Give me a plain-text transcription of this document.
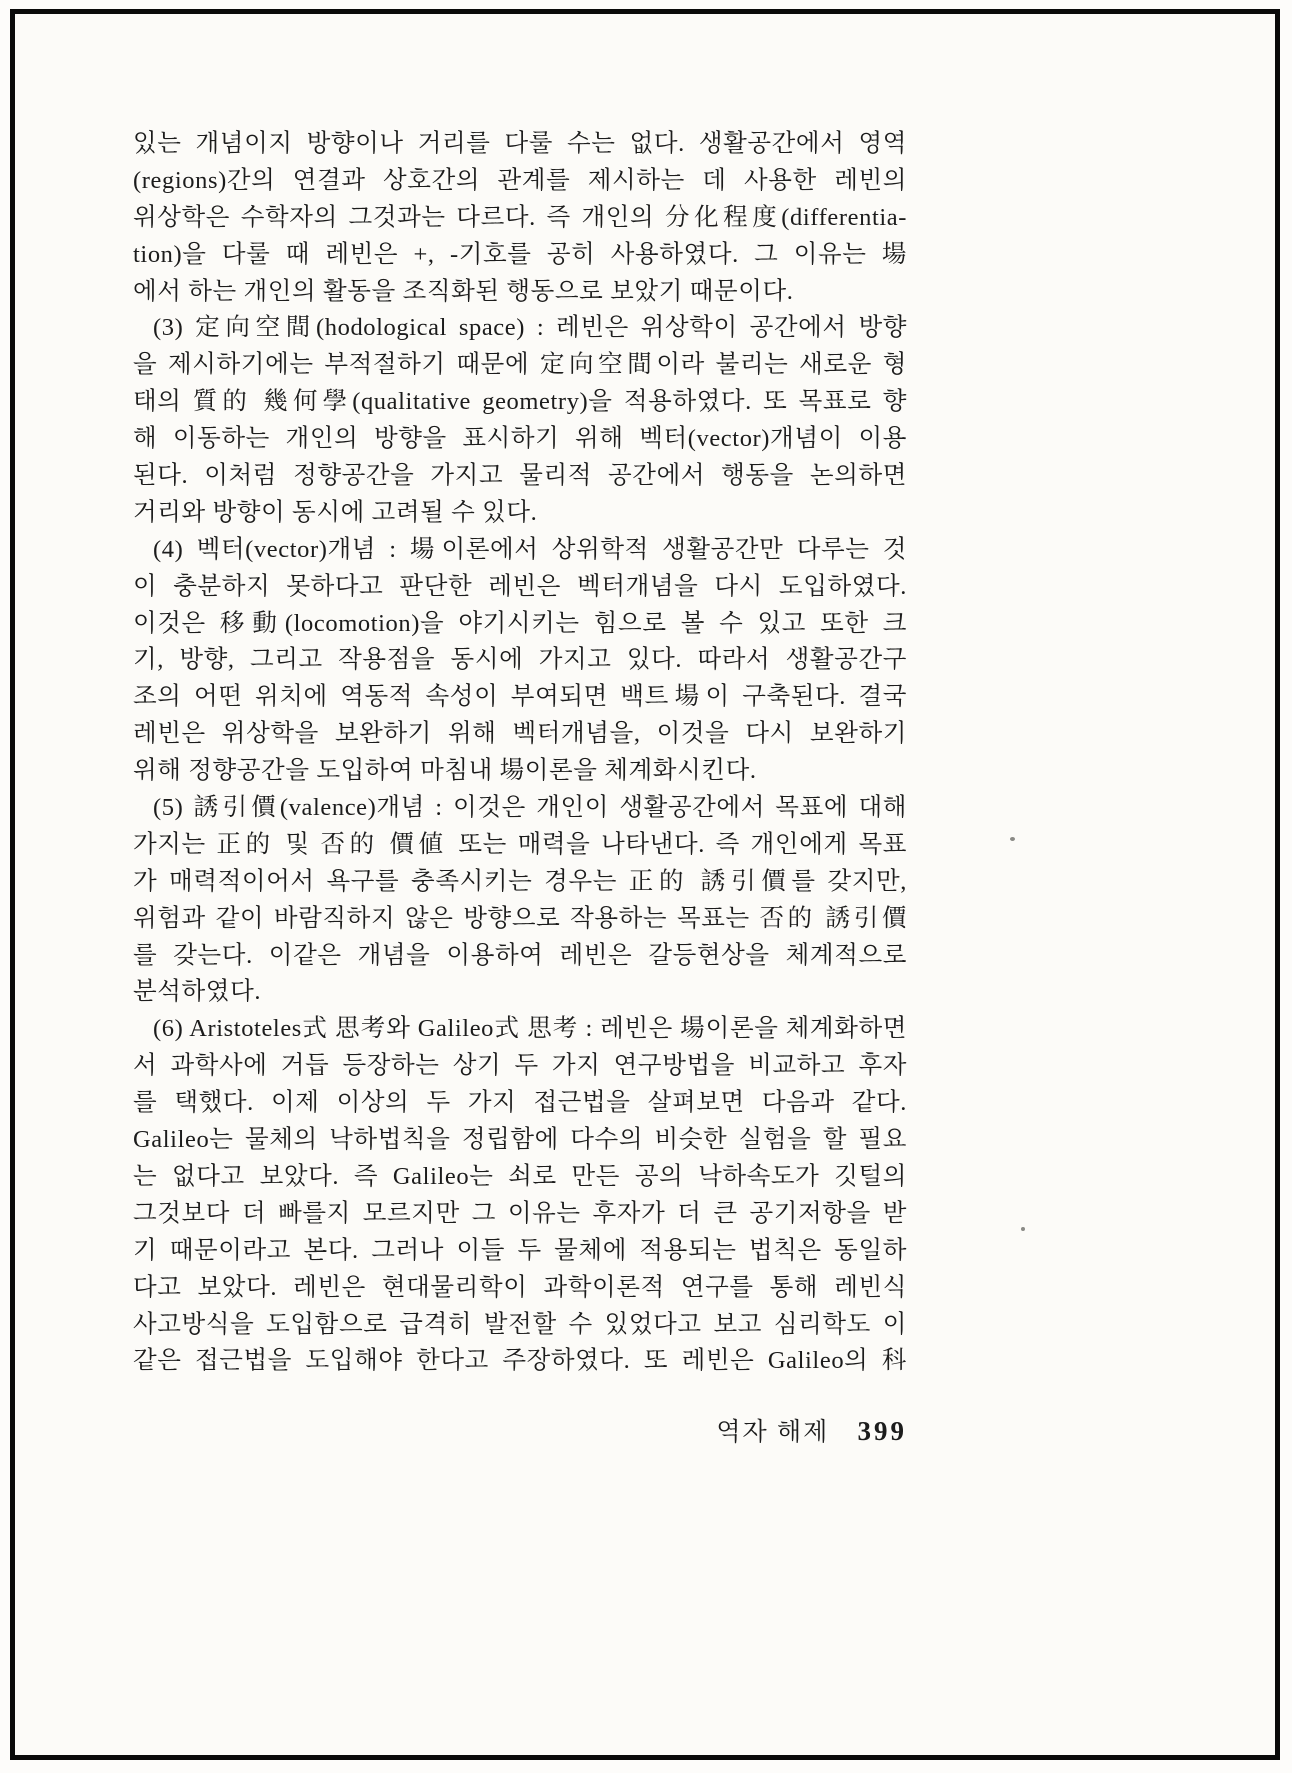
있는 개념이지 방향이나 거리를 다룰 수는 없다. 생활공간에서 영역
(regions)간의 연결과 상호간의 관계를 제시하는 데 사용한 레빈의
위상학은 수학자의 그것과는 다르다. 즉 개인의 分化程度(differentia-
tion)을 다룰 때 레빈은 +, -기호를 공히 사용하였다. 그 이유는 場
에서 하는 개인의 활동을 조직화된 행동으로 보았기 때문이다.
(3) 定向空間(hodological space) : 레빈은 위상학이 공간에서 방향
을 제시하기에는 부적절하기 때문에 定向空間이라 불리는 새로운 형
태의 質的 幾何學(qualitative geometry)을 적용하였다. 또 목표로 향
해 이동하는 개인의 방향을 표시하기 위해 벡터(vector)개념이 이용
된다. 이처럼 정향공간을 가지고 물리적 공간에서 행동을 논의하면
거리와 방향이 동시에 고려될 수 있다.
(4) 벡터(vector)개념 : 場이론에서 상위학적 생활공간만 다루는 것
이 충분하지 못하다고 판단한 레빈은 벡터개념을 다시 도입하였다.
이것은 移動(locomotion)을 야기시키는 힘으로 볼 수 있고 또한 크
기, 방향, 그리고 작용점을 동시에 가지고 있다. 따라서 생활공간구
조의 어떤 위치에 역동적 속성이 부여되면 백트場이 구축된다. 결국
레빈은 위상학을 보완하기 위해 벡터개념을, 이것을 다시 보완하기
위해 정향공간을 도입하여 마침내 場이론을 체계화시킨다.
(5) 誘引價(valence)개념 : 이것은 개인이 생활공간에서 목표에 대해
가지는 正的 및 否的 價値 또는 매력을 나타낸다. 즉 개인에게 목표
가 매력적이어서 욕구를 충족시키는 경우는 正的 誘引價를 갖지만,
위험과 같이 바람직하지 않은 방향으로 작용하는 목표는 否的 誘引價
를 갖는다. 이같은 개념을 이용하여 레빈은 갈등현상을 체계적으로
분석하였다.
(6) Aristoteles式 思考와 Galileo式 思考 : 레빈은 場이론을 체계화하면
서 과학사에 거듭 등장하는 상기 두 가지 연구방법을 비교하고 후자
를 택했다. 이제 이상의 두 가지 접근법을 살펴보면 다음과 같다.
Galileo는 물체의 낙하법칙을 정립함에 다수의 비슷한 실험을 할 필요
는 없다고 보았다. 즉 Galileo는 쇠로 만든 공의 낙하속도가 깃털의
그것보다 더 빠를지 모르지만 그 이유는 후자가 더 큰 공기저항을 받
기 때문이라고 본다. 그러나 이들 두 물체에 적용되는 법칙은 동일하
다고 보았다. 레빈은 현대물리학이 과학이론적 연구를 통해 레빈식
사고방식을 도입함으로 급격히 발전할 수 있었다고 보고 심리학도 이
같은 접근법을 도입해야 한다고 주장하였다. 또 레빈은 Galileo의 科
역자 해제 399
